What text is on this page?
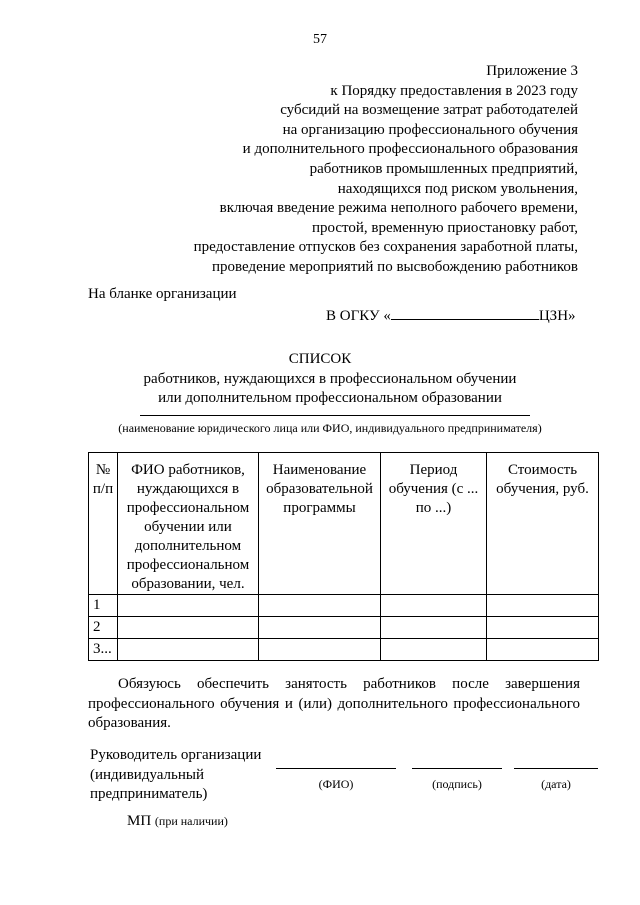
57
Приложение 3
к Порядку предоставления в 2023 году
субсидий на возмещение затрат работодателей
на организацию профессионального обучения
и дополнительного профессионального образования
работников промышленных предприятий,
находящихся под риском увольнения,
включая введение режима неполного рабочего времени,
простой, временную приостановку работ,
предоставление отпусков без сохранения заработной платы,
проведение мероприятий по высвобождению работников
На бланке организации
В ОГКУ «	ЦЗН»
СПИСОК
работников, нуждающихся в профессиональном обучении
или дополнительном профессиональном образовании
(наименование юридического лица или ФИО, индивидуального предпринимателя)
№ п/п	ФИО работников, нуждающихся в профессиональном обучении или дополнительном профессиональном образовании, чел.	Наименование образовательной программы	Период обучения (с ... по ...)	Стоимость обучения, руб.
1				
2				
3...				
Обязуюсь обеспечить занятость работников после завершения профессионального обучения и (или) дополнительного профессионального образования.
Руководитель организации
(индивидуальный
предприниматель)
(ФИО)	(подпись)	(дата)
МП (при наличии)
